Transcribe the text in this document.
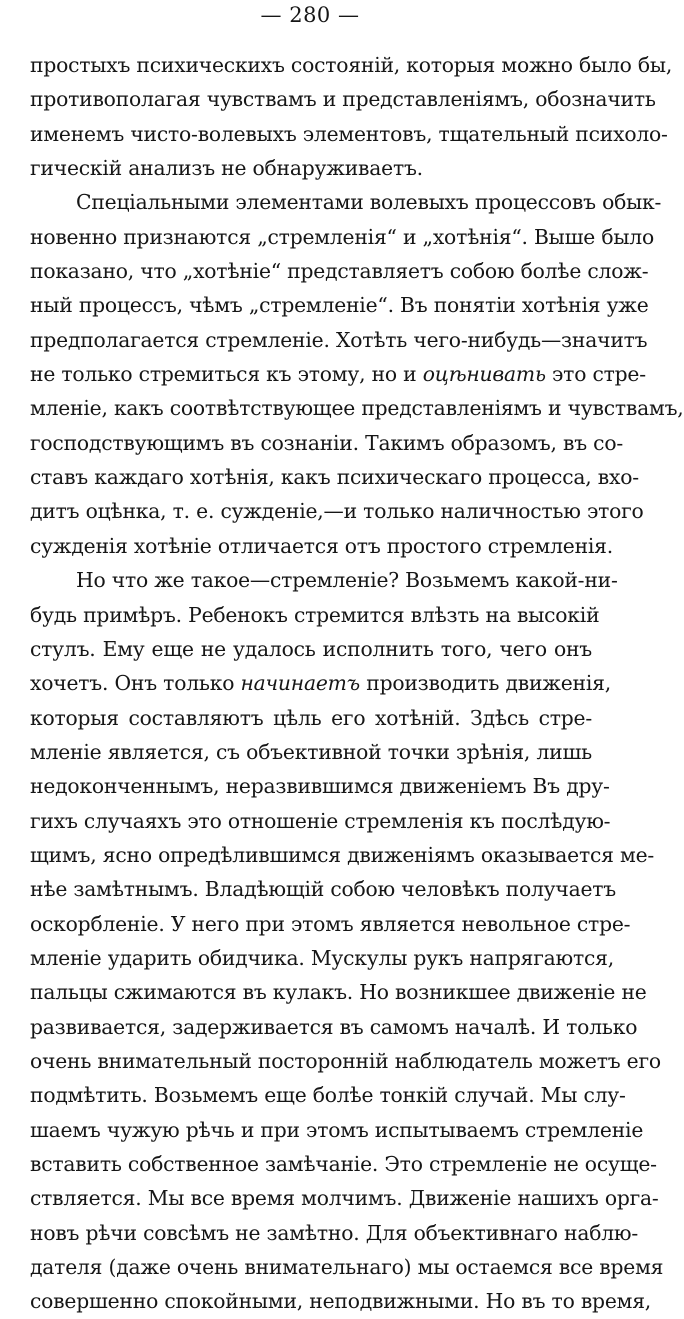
— 280 —
простыхъ психическихъ состояній, которыя можно было бы,
противополагая чувствамъ и представленіямъ, обозначить
именемъ чисто-волевыхъ элементовъ, тщательный психоло-
гическій анализъ не обнаруживаетъ.
Спеціальными элементами волевыхъ процессовъ обык-
новенно признаются „стремленія“ и „хотѣнія“. Выше было
показано, что „хотѣніе“ представляетъ собою болѣе слож-
ный процессъ, чѣмъ „стремленіе“. Въ понятіи хотѣнія уже
предполагается стремленіе. Хотѣть чего-нибудь—значитъ
не только стремиться къ этому, но и оцѣнивать это стре-
мленіе, какъ соотвѣтствующее представленіямъ и чувствамъ,
господствующимъ въ сознаніи. Такимъ образомъ, въ со-
ставъ каждаго хотѣнія, какъ психическаго процесса, вхо-
дитъ оцѣнка, т. е. сужденіе,—и только наличностью этого
сужденія хотѣніе отличается отъ простого стремленія.
Но что же такое—стремленіе? Возьмемъ какой-ни-
будь примѣръ. Ребенокъ стремится влѣзть на высокій
стулъ. Ему еще не удалось исполнить того, чего онъ
хочетъ. Онъ только начинаетъ производить движенія,
которыя составляютъ цѣль его хотѣній. Здѣсь стре-
мленіе является, съ объективной точки зрѣнія, лишь
недоконченнымъ, неразвившимся движеніемъ Въ дру-
гихъ случаяхъ это отношеніе стремленія къ послѣдую-
щимъ, ясно опредѣлившимся движеніямъ оказывается ме-
нѣе замѣтнымъ. Владѣющій собою человѣкъ получаетъ
оскорбленіе. У него при этомъ является невольное стре-
мленіе ударить обидчика. Мускулы рукъ напрягаются,
пальцы сжимаются въ кулакъ. Но возникшее движеніе не
развивается, задерживается въ самомъ началѣ. И только
очень внимательный посторонній наблюдатель можетъ его
подмѣтить. Возьмемъ еще болѣе тонкій случай. Мы слу-
шаемъ чужую рѣчь и при этомъ испытываемъ стремленіе
вставить собственное замѣчаніе. Это стремленіе не осуще-
ствляется. Мы все время молчимъ. Движеніе нашихъ орга-
новъ рѣчи совсѣмъ не замѣтно. Для объективнаго наблю-
дателя (даже очень внимательнаго) мы остаемся все время
совершенно спокойными, неподвижными. Но въ то время,
